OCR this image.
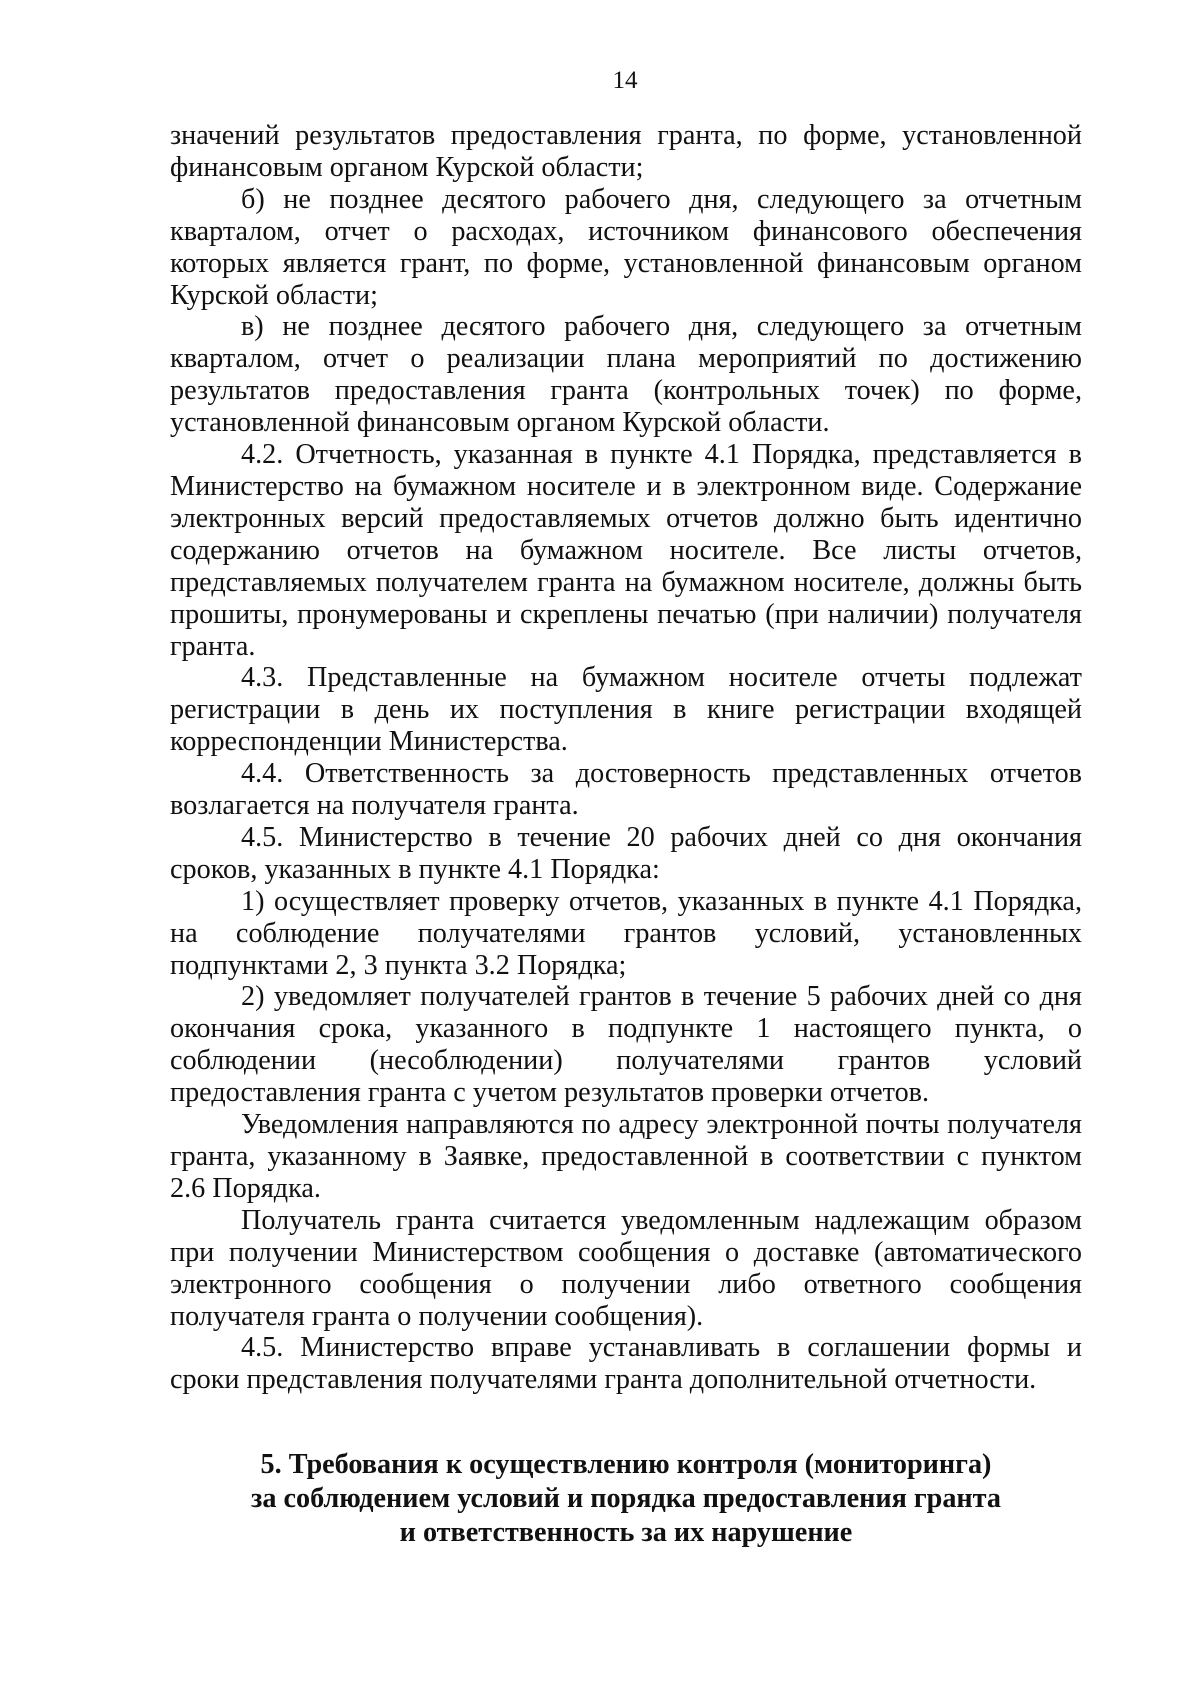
14

значений результатов предоставления гранта, по форме, установленной финансовым органом Курской области;

б) не позднее десятого рабочего дня, следующего за отчетным кварталом, отчет о расходах, источником финансового обеспечения которых является грант, по форме, установленной финансовым органом Курской области;

в) не позднее десятого рабочего дня, следующего за отчетным кварталом, отчет о реализации плана мероприятий по достижению результатов предоставления гранта (контрольных точек) по форме, установленной финансовым органом Курской области.

4.2. Отчетность, указанная в пункте 4.1 Порядка, представляется в Министерство на бумажном носителе и в электронном виде. Содержание электронных версий предоставляемых отчетов должно быть идентично содержанию отчетов на бумажном носителе. Все листы отчетов, представляемых получателем гранта на бумажном носителе, должны быть прошиты, пронумерованы и скреплены печатью (при наличии) получателя гранта.

4.3. Представленные на бумажном носителе отчеты подлежат регистрации в день их поступления в книге регистрации входящей корреспонденции Министерства.

4.4. Ответственность за достоверность представленных отчетов возлагается на получателя гранта.

4.5. Министерство в течение 20 рабочих дней со дня окончания сроков, указанных в пункте 4.1 Порядка:

1) осуществляет проверку отчетов, указанных в пункте 4.1 Порядка, на соблюдение получателями грантов условий, установленных подпунктами 2, 3 пункта 3.2 Порядка;

2) уведомляет получателей грантов в течение 5 рабочих дней со дня окончания срока, указанного в подпункте 1 настоящего пункта, о соблюдении (несоблюдении) получателями грантов условий предоставления гранта с учетом результатов проверки отчетов.

Уведомления направляются по адресу электронной почты получателя гранта, указанному в Заявке, предоставленной в соответствии с пунктом 2.6 Порядка.

Получатель гранта считается уведомленным надлежащим образом при получении Министерством сообщения о доставке (автоматического электронного сообщения о получении либо ответного сообщения получателя гранта о получении сообщения).

4.5. Министерство вправе устанавливать в соглашении формы и сроки представления получателями гранта дополнительной отчетности.

5. Требования к осуществлению контроля (мониторинга)
за соблюдением условий и порядка предоставления гранта
и ответственность за их нарушение
